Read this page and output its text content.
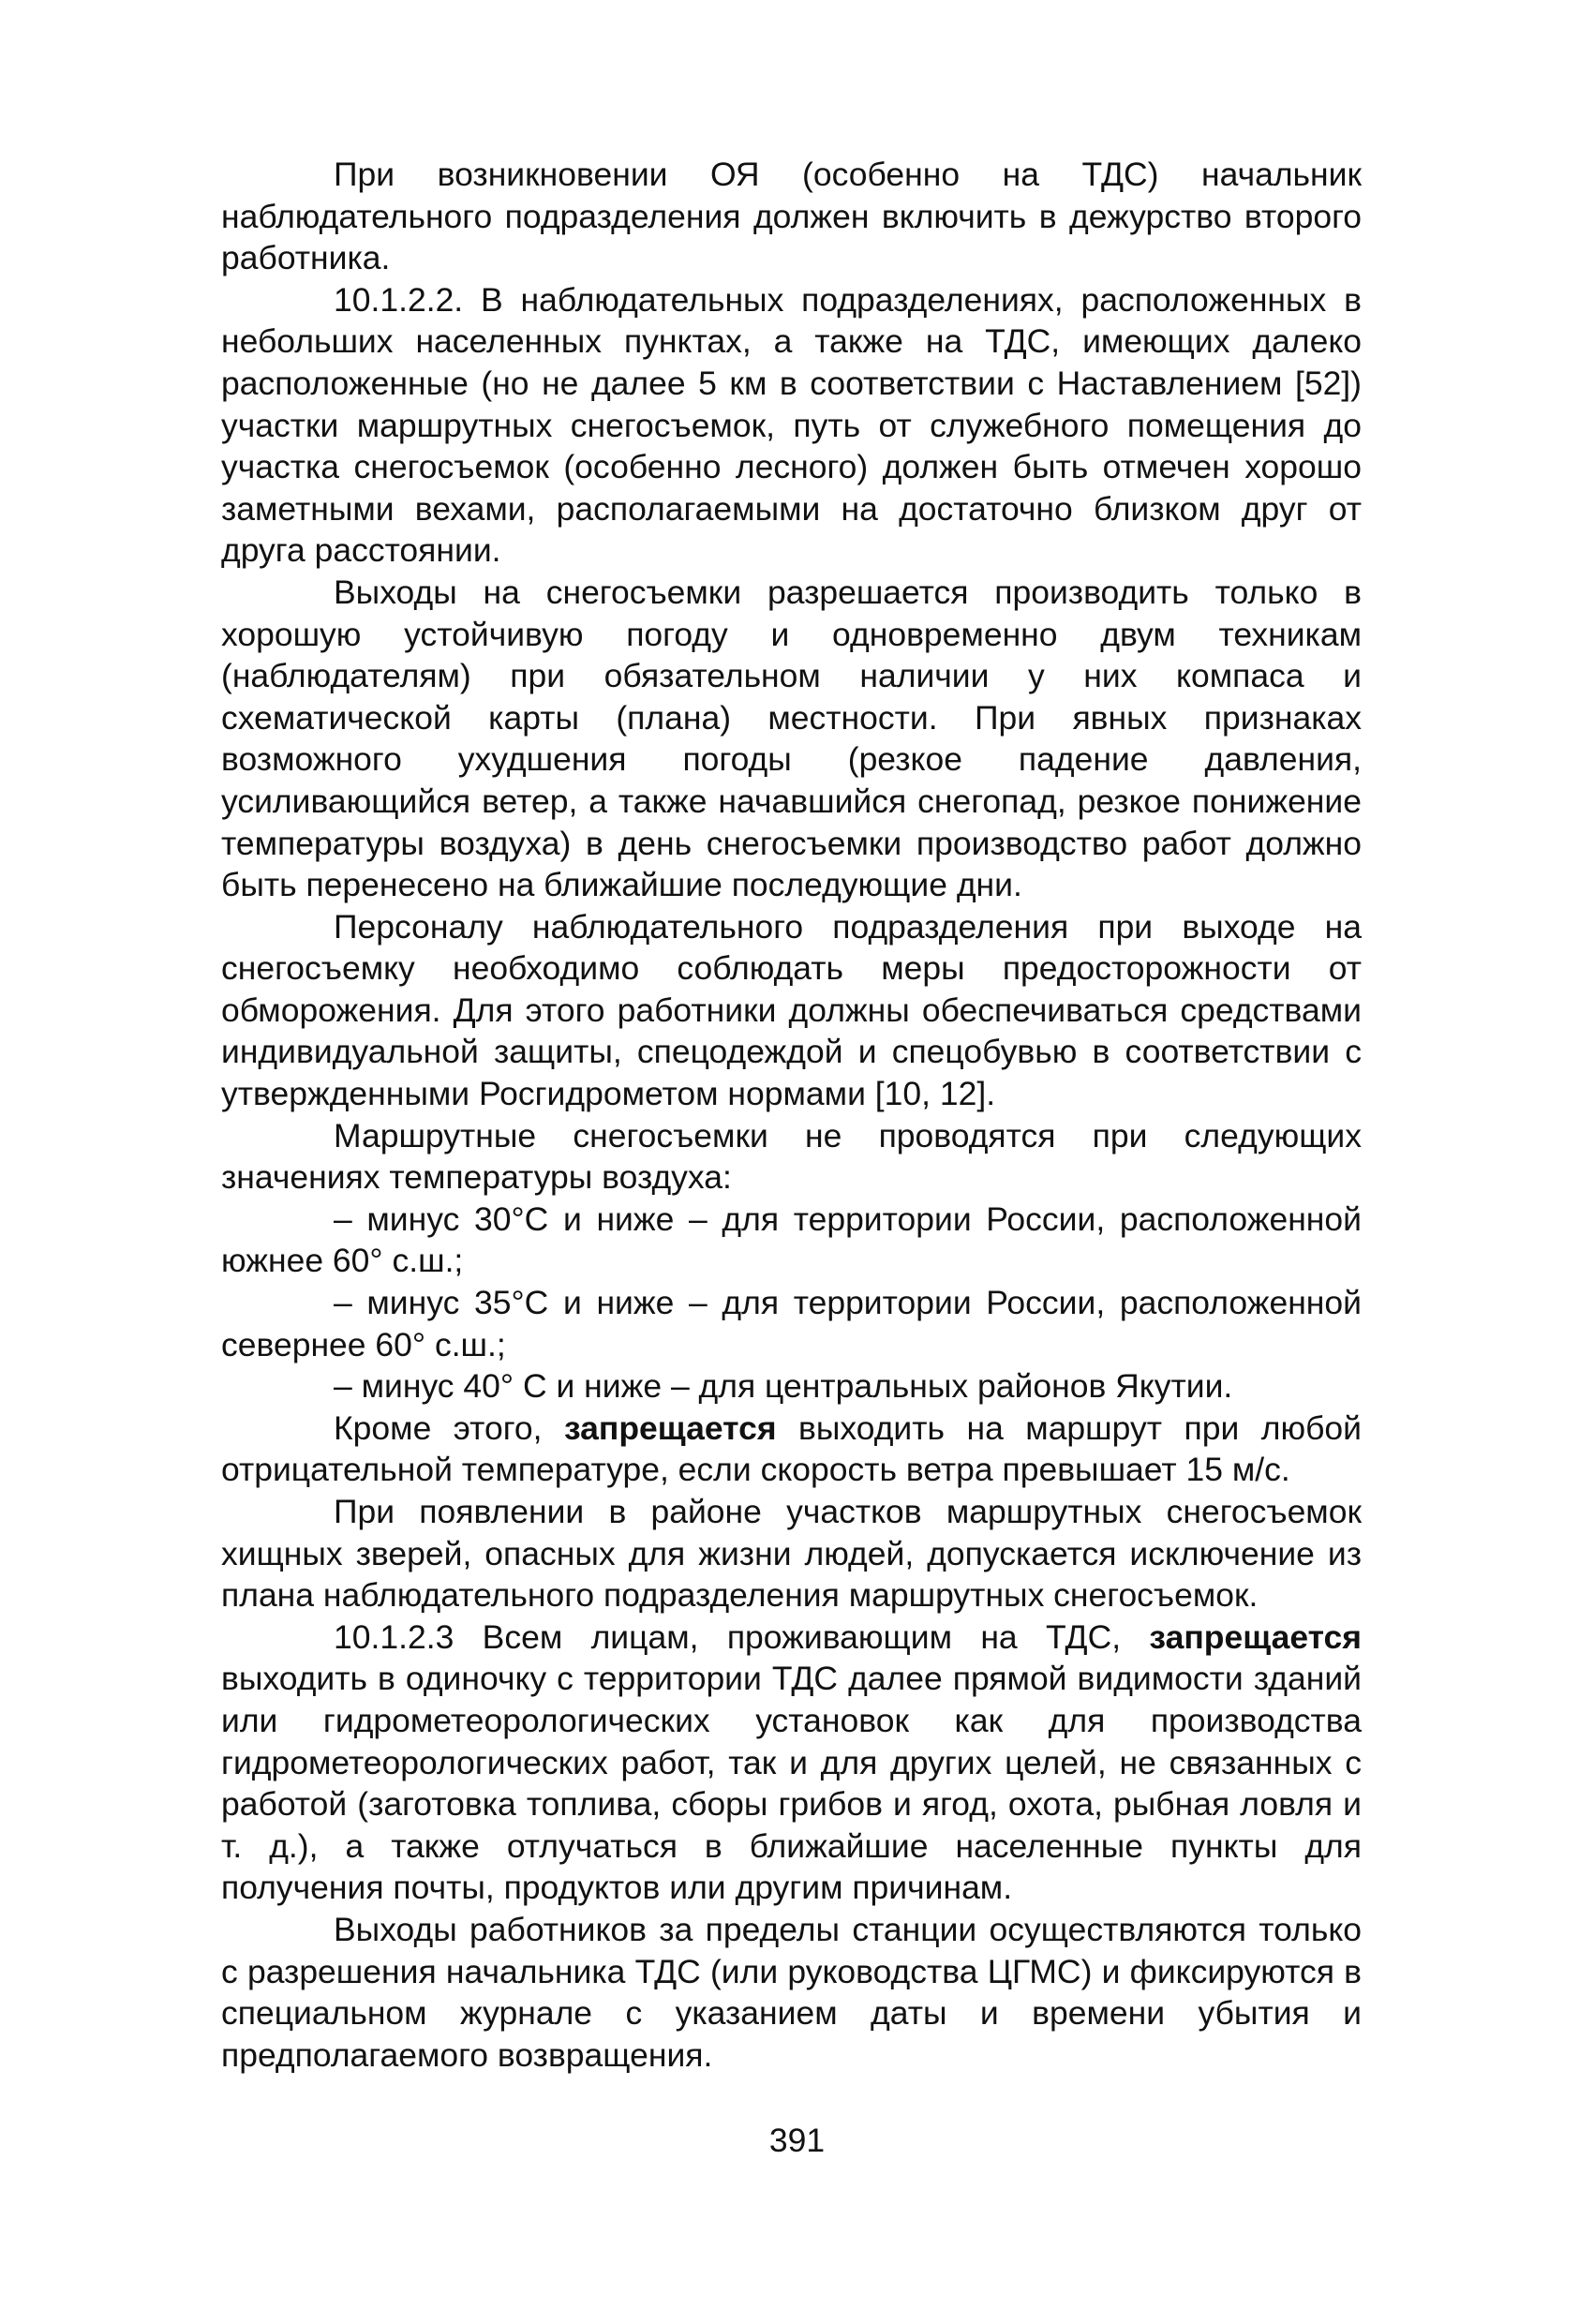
При возникновении ОЯ (особенно на ТДС) начальник наблюдательного подразделения должен включить в дежурство второго работника.

10.1.2.2. В наблюдательных подразделениях, расположенных в небольших населенных пунктах, а также на ТДС, имеющих далеко расположенные (но не далее 5 км в соответствии с Наставлением [52]) участки маршрутных снегосъемок, путь от служебного помещения до участка снегосъемок (особенно лесного) должен быть отмечен хорошо заметными вехами, располагаемыми на достаточно близком друг от друга расстоянии.

Выходы на снегосъемки разрешается производить только в хорошую устойчивую погоду и одновременно двум техникам (наблюдателям) при обязательном наличии у них компаса и схематической карты (плана) местности. При явных признаках возможного ухудшения погоды (резкое падение давления, усиливающийся ветер, а также начавшийся снегопад, резкое понижение температуры воздуха) в день снегосъемки производство работ должно быть перенесено на ближайшие последующие дни.

Персоналу наблюдательного подразделения при выходе на снегосъемку необходимо соблюдать меры предосторожности от обморожения. Для этого работники должны обеспечиваться средствами индивидуальной защиты, спецодеждой и спецобувью в соответствии с утвержденными Росгидрометом нормами [10, 12].

Маршрутные снегосъемки не проводятся при следующих значениях температуры воздуха:

– минус 30°С и ниже – для территории России, расположенной южнее 60° с.ш.;

– минус 35°С и ниже – для территории России, расположенной севернее 60° с.ш.;

– минус 40° С и ниже – для центральных районов Якутии.

Кроме этого, запрещается выходить на маршрут при любой отрицательной температуре, если скорость ветра превышает 15 м/с.

При появлении в районе участков маршрутных снегосъемок хищных зверей, опасных для жизни людей, допускается исключение из плана наблюдательного подразделения маршрутных снегосъемок.

10.1.2.3 Всем лицам, проживающим на ТДС, запрещается выходить в одиночку с территории ТДС далее прямой видимости зданий или гидрометеорологических установок как для производства гидрометеорологических работ, так и для других целей, не связанных с работой (заготовка топлива, сборы грибов и ягод, охота, рыбная ловля и т. д.), а также отлучаться в ближайшие населенные пункты для получения почты, продуктов или другим причинам.

Выходы работников за пределы станции осуществляются только с разрешения начальника ТДС (или руководства ЦГМС) и фиксируются в специальном журнале с указанием даты и времени убытия и предполагаемого возвращения.

391
